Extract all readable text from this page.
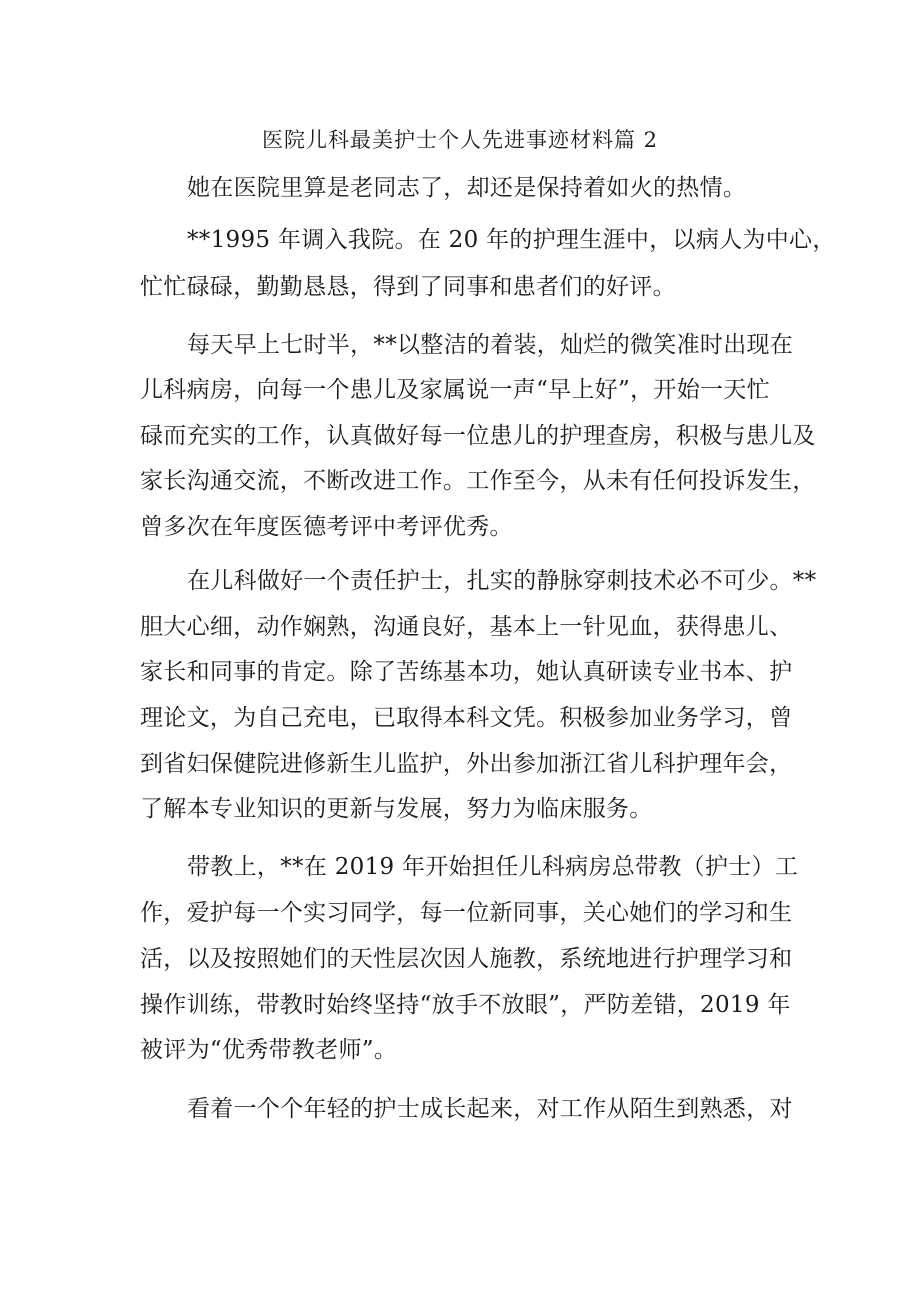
医院儿科最美护士个人先进事迹材料篇 2
她在医院里算是老同志了，却还是保持着如火的热情。
**1995 年调入我院。在 20 年的护理生涯中，以病人为中心，
忙忙碌碌，勤勤恳恳，得到了同事和患者们的好评。
每天早上七时半，**以整洁的着装，灿烂的微笑准时出现在
儿科病房，向每一个患儿及家属说一声“早上好”，开始一天忙
碌而充实的工作，认真做好每一位患儿的护理查房，积极与患儿及
家长沟通交流，不断改进工作。工作至今，从未有任何投诉发生，
曾多次在年度医德考评中考评优秀。
在儿科做好一个责任护士，扎实的静脉穿刺技术必不可少。**
胆大心细，动作娴熟，沟通良好，基本上一针见血，获得患儿、
家长和同事的肯定。除了苦练基本功，她认真研读专业书本、护
理论文，为自己充电，已取得本科文凭。积极参加业务学习，曾
到省妇保健院进修新生儿监护，外出参加浙江省儿科护理年会，
了解本专业知识的更新与发展，努力为临床服务。
带教上，**在 2019 年开始担任儿科病房总带教（护士）工
作，爱护每一个实习同学，每一位新同事，关心她们的学习和生
活，以及按照她们的天性层次因人施教，系统地进行护理学习和
操作训练，带教时始终坚持“放手不放眼”，严防差错，2019 年
被评为“优秀带教老师”。
看着一个个年轻的护士成长起来，对工作从陌生到熟悉，对
